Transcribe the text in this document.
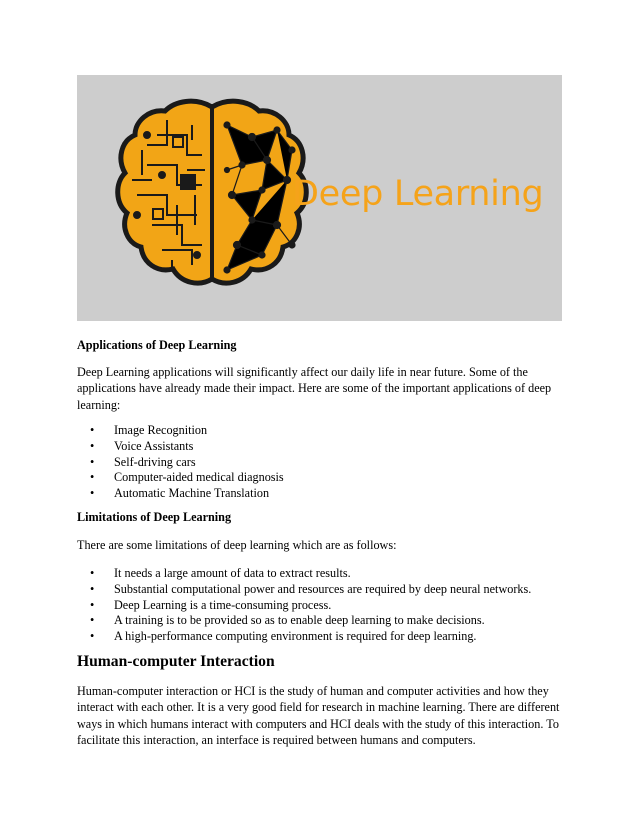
Deep Learning
Applications of Deep Learning
Deep Learning applications will significantly affect our daily life in near future. Some of the applications have already made their impact. Here are some of the important applications of deep learning:
• Image Recognition
• Voice Assistants
• Self-driving cars
• Computer-aided medical diagnosis
• Automatic Machine Translation
Limitations of Deep Learning
There are some limitations of deep learning which are as follows:
• It needs a large amount of data to extract results.
• Substantial computational power and resources are required by deep neural networks.
• Deep Learning is a time-consuming process.
• A training is to be provided so as to enable deep learning to make decisions.
• A high-performance computing environment is required for deep learning.
Human-computer Interaction
Human-computer interaction or HCI is the study of human and computer activities and how they interact with each other. It is a very good field for research in machine learning. There are different ways in which humans interact with computers and HCI deals with the study of this interaction. To facilitate this interaction, an interface is required between humans and computers.
